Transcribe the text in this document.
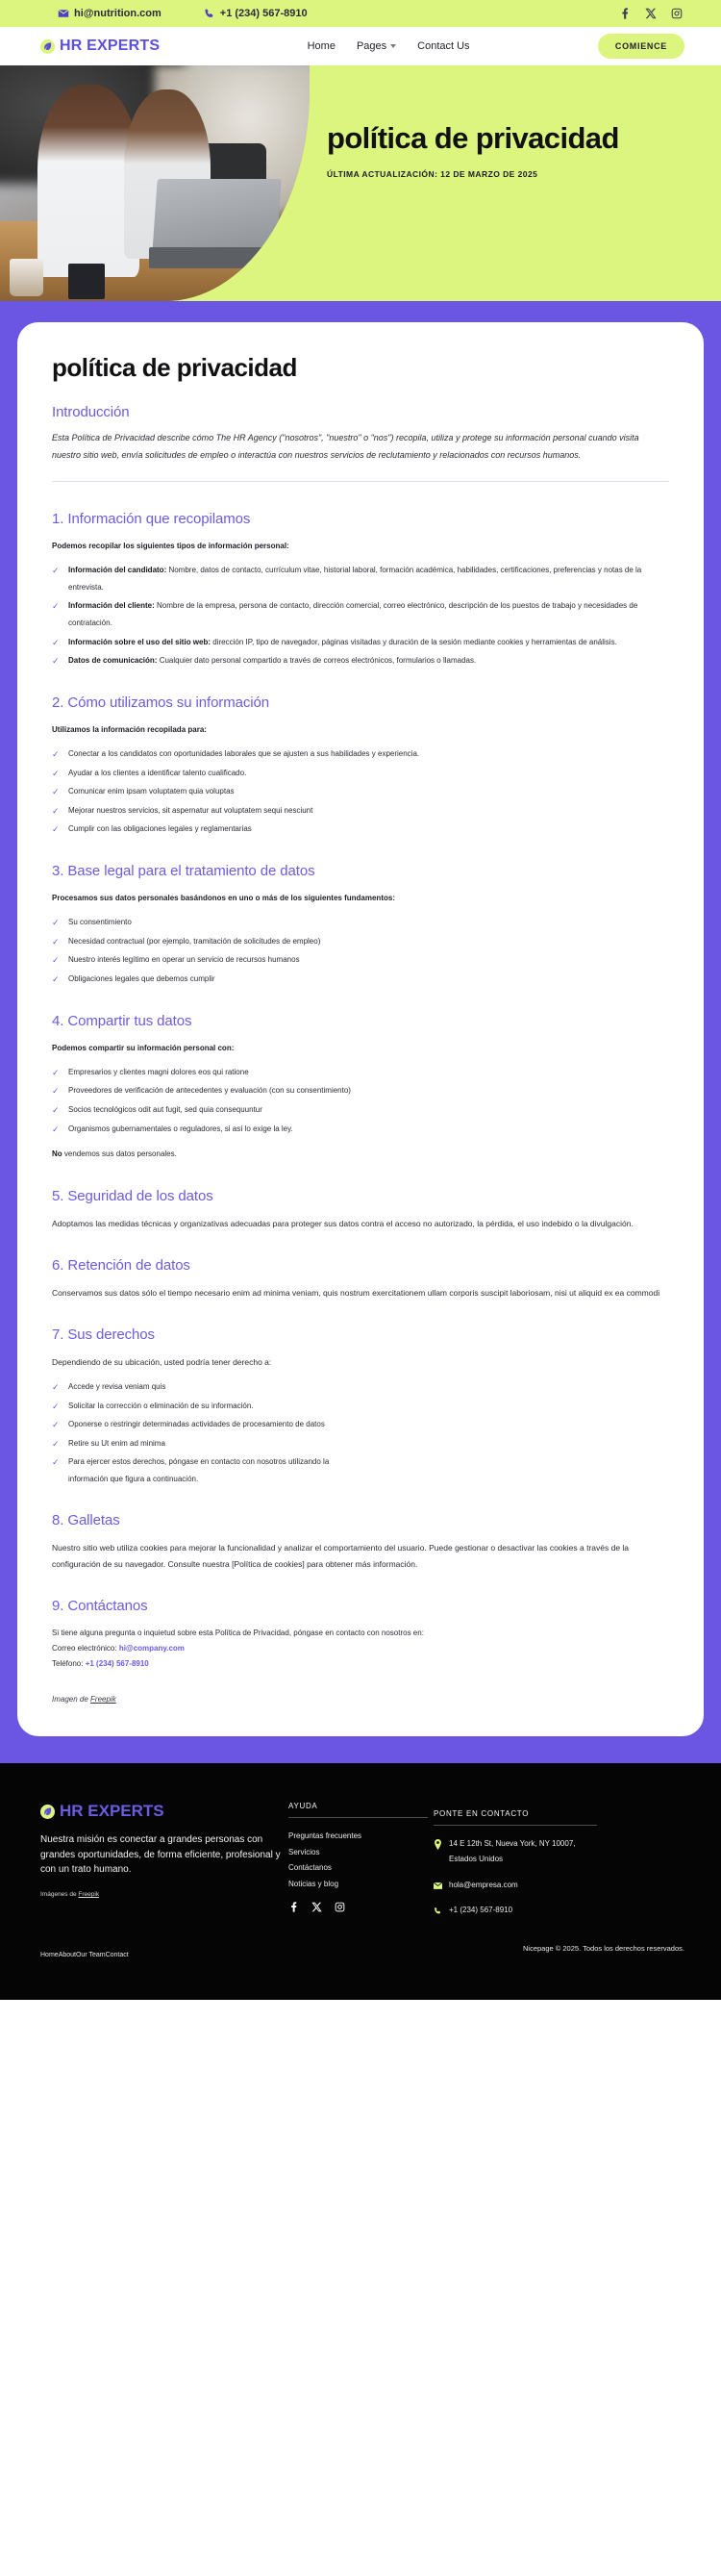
hi@nutrition.com	+1 (234) 567-8910
HR EXPERTS	Home Pages	Contact Us	COMIENCE
política de privacidad
ÚLTIMA ACTUALIZACIÓN: 12 DE MARZO DE 2025
política de privacidad
Introducción

Esta Política de Privacidad describe cómo The HR Agency ("nosotros", "nuestro" o "nos") recopila, utiliza y protege su información personal cuando visita nuestro sitio web, envía solicitudes de empleo o interactúa con nuestros servicios de reclutamiento y relacionados con recursos humanos.

1. Información que recopilamos

Podemos recopilar los siguientes tipos de información personal:

✓ Información del candidato: Nombre, datos de contacto, currículum vitae, historial laboral, formación académica, habilidades, certificaciones, preferencias y notas de la entrevista.
✓ Información del cliente: Nombre de la empresa, persona de contacto, dirección comercial, correo electrónico, descripción de los puestos de trabajo y necesidades de contratación.
✓ Información sobre el uso del sitio web: dirección IP, tipo de navegador, páginas visitadas y duración de la sesión mediante cookies y herramientas de análisis.
✓ Datos de comunicación: Cualquier dato personal compartido a través de correos electrónicos, formularios o llamadas.
2. Cómo utilizamos su información

Utilizamos la información recopilada para:

✓ Conectar a los candidatos con oportunidades laborales que se ajusten a sus habilidades y experiencia.
✓ Ayudar a los clientes a identificar talento cualificado.
✓ Comunicar enim ipsam voluptatem quia voluptas
✓ Mejorar nuestros servicios, sit aspernatur aut voluptatem sequi nesciunt
✓ Cumplir con las obligaciones legales y reglamentarias
3. Base legal para el tratamiento de datos

Procesamos sus datos personales basándonos en uno o más de los siguientes fundamentos:

✓ Su consentimiento
✓ Necesidad contractual (por ejemplo, tramitación de solicitudes de empleo)
✓ Nuestro interés legítimo en operar un servicio de recursos humanos
✓ Obligaciones legales que debemos cumplir
4. Compartir tus datos

Podemos compartir su información personal con:

✓ Empresarios y clientes magni dolores eos qui ratione
✓ Proveedores de verificación de antecedentes y evaluación (con su consentimiento)
✓ Socios tecnológicos odit aut fugit, sed quia consequuntur
✓ Organismos gubernamentales o reguladores, si así lo exige la ley.

No vendemos sus datos personales.

5. Seguridad de los datos

Adoptamos las medidas técnicas y organizativas adecuadas para proteger sus datos contra el acceso no autorizado, la pérdida, el uso indebido o la divulgación.

6. Retención de datos

Conservamos sus datos sólo el tiempo necesario enim ad minima veniam, quis nostrum exercitationem ullam corporis suscipit laboriosam, nisi ut aliquid ex ea commodi

7. Sus derechos

Dependiendo de su ubicación, usted podría tener derecho a:

✓ Accede y revisa veniam quis
✓ Solicitar la corrección o eliminación de su información.
✓ Oponerse o restringir determinadas actividades de procesamiento de datos
✓ Retire su Ut enim ad minima
✓ Para ejercer estos derechos, póngase en contacto con nosotros utilizando la información que figura a continuación.
8. Galletas

Nuestro sitio web utiliza cookies para mejorar la funcionalidad y analizar el comportamiento del usuario. Puede gestionar o desactivar las cookies a través de la configuración de su navegador. Consulte nuestra [Política de cookies] para obtener más información.

9. Contáctanos

Si tiene alguna pregunta o inquietud sobre esta Política de Privacidad, póngase en contacto con nosotros en:

Correo electrónico: hi@company.com

Teléfono: +1 (234) 567-8910

Imagen de Freepik

HR EXPERTS
Nuestra misión es conectar a grandes personas con grandes oportunidades, de forma eficiente, profesional y con un trato humano.
Imágenes de Freepik
AYUDA
Preguntas frecuentes
Servicios
Contáctanos
Noticias y blog
PONTE EN CONTACTO
14 E 12th St, Nueva York, NY 10007, Estados Unidos
hola@empresa.com
+1 (234) 567-8910
HomeAboutOur TeamContact
Nicepage © 2025. Todos los derechos reservados.
